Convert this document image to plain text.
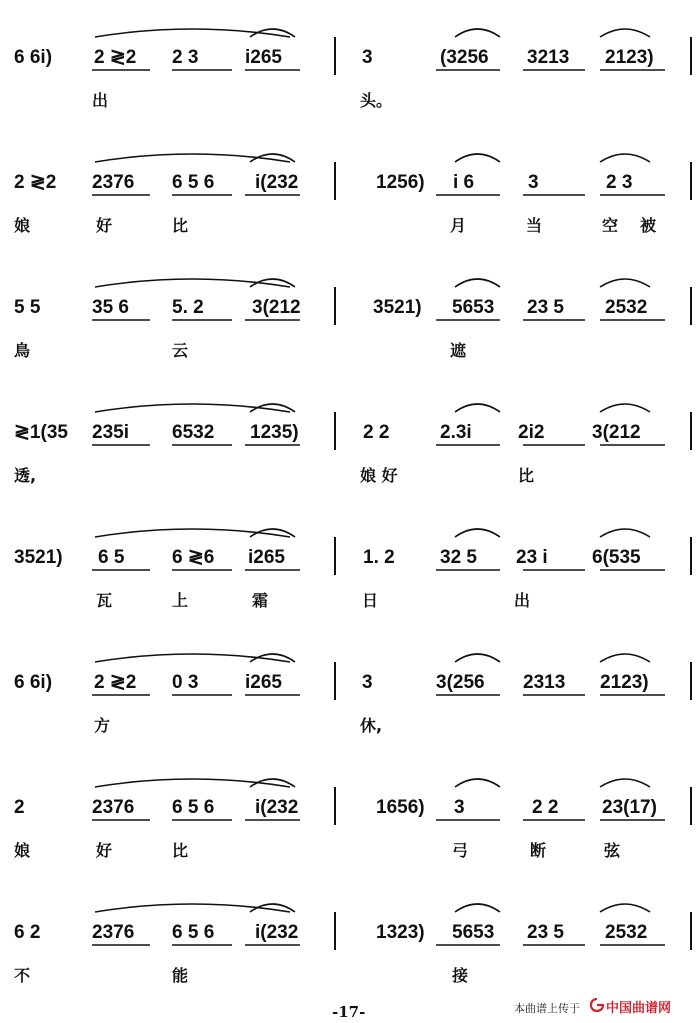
6 6i) 2 ≷2 2 3 i265	3	(3256 3213 2123)
出	头。
2 ≷2 2376 6 5 6 i(232	1256) i 6	3	2 3
娘	好	比	月	当	空 被
5 5	35 6 5. 2	3(212	3521) 5653 23 5 2532
鳥	云	遮
≷1(35 235i 6532 1235)	2 2	2.3i 2i2	3(212
透,	娘 好	比
3521) 6 5	6 ≷6 i265	1. 2 32 5 23 i 6(535
瓦	上	霜	日	出
6 6i) 2 ≷2 0 3 i265	3	3(256 2313 2123)
方	休,
2	2376 6 5 6 i(232	1656) 3	2 2 23(17)
娘	好	比	弓	断	弦
6 2	2376 6 5 6 i(232	1323) 5653 23 5 2532
不	能	接
-17-	本曲谱上传于 中国曲谱网
